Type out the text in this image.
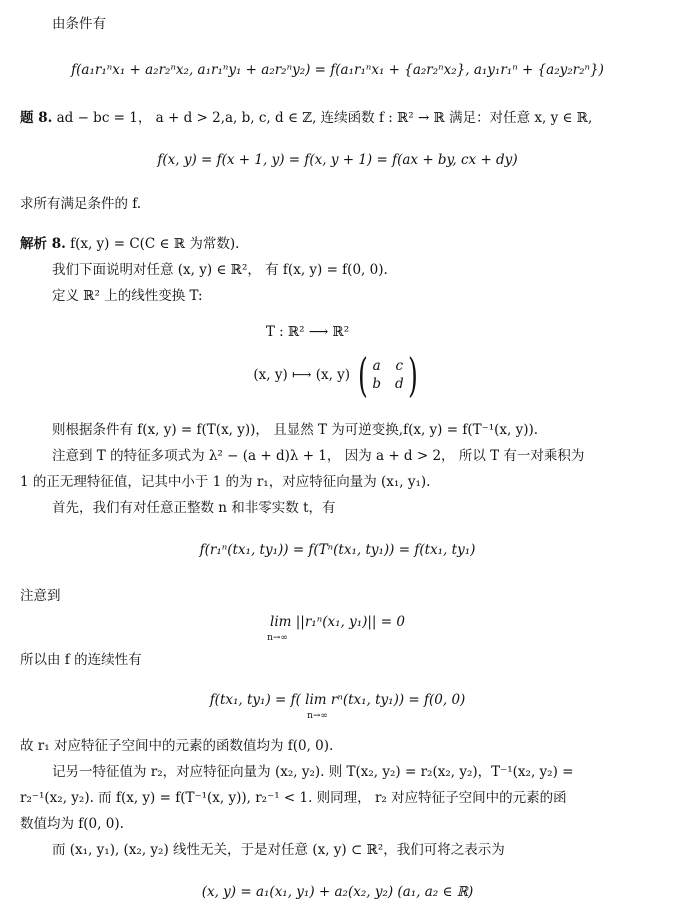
由条件有
f(a₁r₁ⁿx₁ + a₂r₂ⁿx₂, a₁r₁ⁿy₁ + a₂r₂ⁿy₂) = f(a₁r₁ⁿx₁ + {a₂r₂ⁿx₂}, a₁y₁r₁ⁿ + {a₂y₂r₂ⁿ})
题 8. ad − bc = 1， a + d > 2,a, b, c, d ∈ ℤ, 连续函数 f : ℝ² → ℝ 满足：对任意 x, y ∈ ℝ,
f(x, y) = f(x + 1, y) = f(x, y + 1) = f(ax + by, cx + dy)
求所有满足条件的 f.
解析 8. f(x, y) = C(C ∈ ℝ 为常数).
我们下面说明对任意 (x, y) ∈ ℝ²， 有 f(x, y) = f(0, 0).
定义 ℝ² 上的线性变换 T:
T : ℝ² ⟶ ℝ²
(x, y) ⟼ (x, y) ( a c
b d )
则根据条件有 f(x, y) = f(T(x, y))， 且显然 T 为可逆变换,f(x, y) = f(T⁻¹(x, y)).
注意到 T 的特征多项式为 λ² − (a + d)λ + 1， 因为 a + d > 2， 所以 T 有一对乘积为
1 的正无理特征值，记其中小于 1 的为 r₁，对应特征向量为 (x₁, y₁).
首先，我们有对任意正整数 n 和非零实数 t，有
f(r₁ⁿ(tx₁, ty₁)) = f(Tⁿ(tx₁, ty₁)) = f(tx₁, ty₁)
注意到
lim ||r₁ⁿ(x₁, y₁)|| = 0
n→∞
所以由 f 的连续性有
f(tx₁, ty₁) = f( lim rⁿ(tx₁, ty₁)) = f(0, 0)
n→∞
故 r₁ 对应特征子空间中的元素的函数值均为 f(0, 0).
记另一特征值为 r₂，对应特征向量为 (x₂, y₂). 则 T(x₂, y₂) = r₂(x₂, y₂)，T⁻¹(x₂, y₂) =
r₂⁻¹(x₂, y₂). 而 f(x, y) = f(T⁻¹(x, y)), r₂⁻¹ < 1. 则同理， r₂ 对应特征子空间中的元素的函
数值均为 f(0, 0).
而 (x₁, y₁), (x₂, y₂) 线性无关，于是对任意 (x, y) ⊂ ℝ²，我们可将之表示为
(x, y) = a₁(x₁, y₁) + a₂(x₂, y₂) (a₁, a₂ ∈ ℝ)
